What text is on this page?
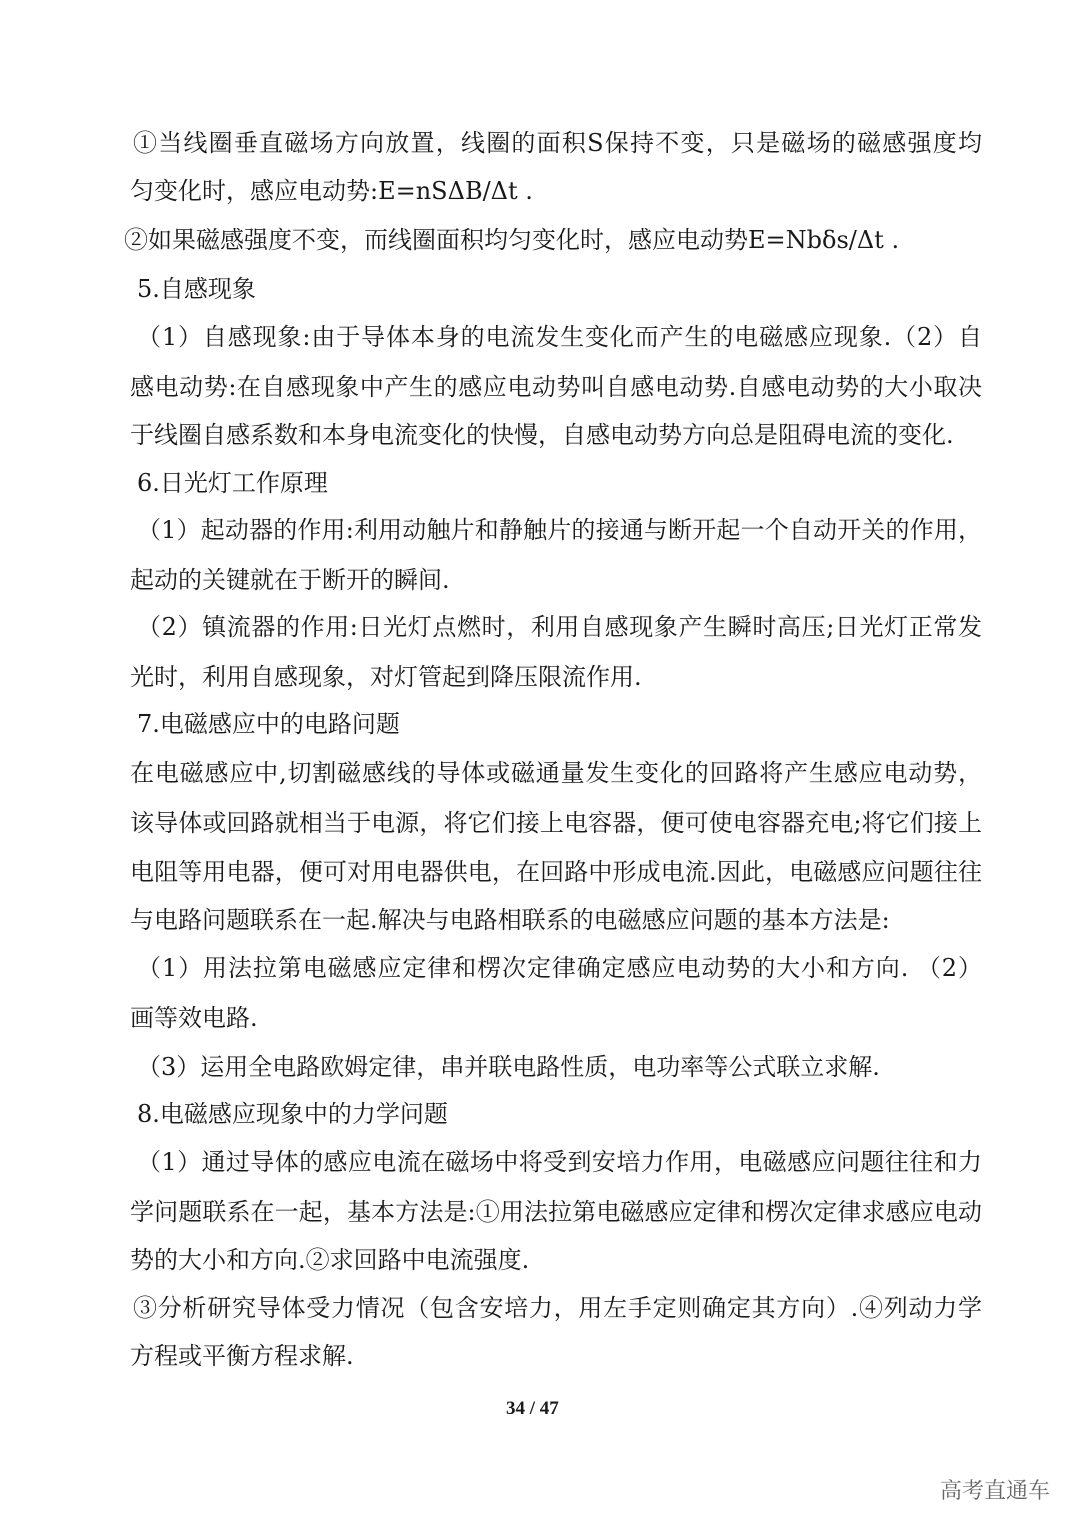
①当线圈垂直磁场方向放置，线圈的面积S保持不变，只是磁场的磁感强度均
匀变化时，感应电动势:E=nSΔB/Δt .
②如果磁感强度不变，而线圈面积均匀变化时，感应电动势E=Nbδs/Δt .
5.自感现象
（1）自感现象:由于导体本身的电流发生变化而产生的电磁感应现象.（2）自
感电动势:在自感现象中产生的感应电动势叫自感电动势.自感电动势的大小取决
于线圈自感系数和本身电流变化的快慢，自感电动势方向总是阻碍电流的变化.
6.日光灯工作原理
（1）起动器的作用:利用动触片和静触片的接通与断开起一个自动开关的作用，
起动的关键就在于断开的瞬间.
（2）镇流器的作用:日光灯点燃时，利用自感现象产生瞬时高压;日光灯正常发
光时，利用自感现象，对灯管起到降压限流作用.
7.电磁感应中的电路问题
在电磁感应中,切割磁感线的导体或磁通量发生变化的回路将产生感应电动势，
该导体或回路就相当于电源，将它们接上电容器，便可使电容器充电;将它们接上
电阻等用电器，便可对用电器供电，在回路中形成电流.因此，电磁感应问题往往
与电路问题联系在一起.解决与电路相联系的电磁感应问题的基本方法是:
（1）用法拉第电磁感应定律和楞次定律确定感应电动势的大小和方向. （2）
画等效电路.
（3）运用全电路欧姆定律，串并联电路性质，电功率等公式联立求解.
8.电磁感应现象中的力学问题
（1）通过导体的感应电流在磁场中将受到安培力作用，电磁感应问题往往和力
学问题联系在一起，基本方法是:①用法拉第电磁感应定律和楞次定律求感应电动
势的大小和方向.②求回路中电流强度.
③分析研究导体受力情况（包含安培力，用左手定则确定其方向）.④列动力学
方程或平衡方程求解.
34 / 47
高考直通车
